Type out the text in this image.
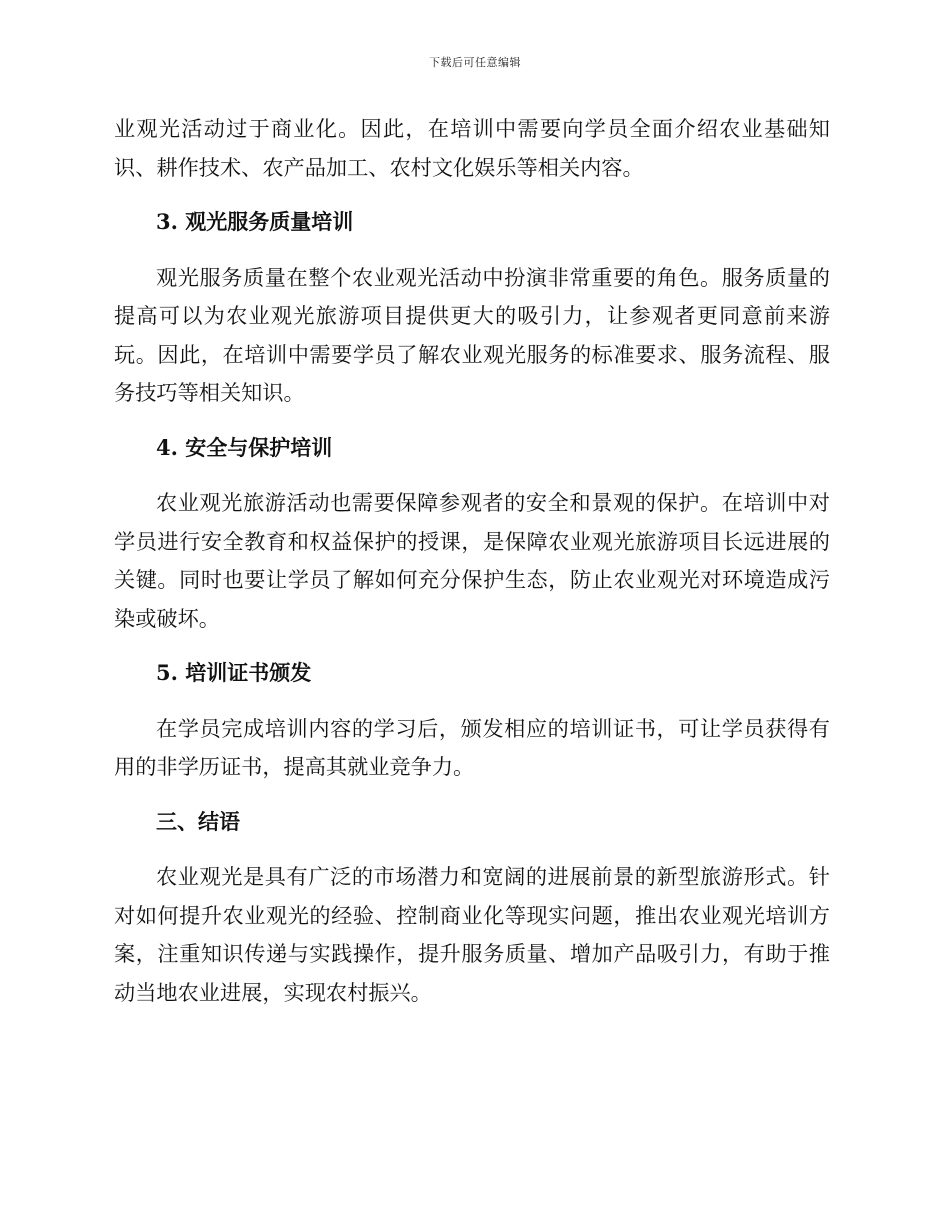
下载后可任意编辑

业观光活动过于商业化。因此，在培训中需要向学员全面介绍农业基础知识、耕作技术、农产品加工、农村文化娱乐等相关内容。

3. 观光服务质量培训

观光服务质量在整个农业观光活动中扮演非常重要的角色。服务质量的提高可以为农业观光旅游项目提供更大的吸引力，让参观者更同意前来游玩。因此，在培训中需要学员了解农业观光服务的标准要求、服务流程、服务技巧等相关知识。

4. 安全与保护培训

农业观光旅游活动也需要保障参观者的安全和景观的保护。在培训中对学员进行安全教育和权益保护的授课，是保障农业观光旅游项目长远进展的关键。同时也要让学员了解如何充分保护生态，防止农业观光对环境造成污染或破坏。

5. 培训证书颁发

在学员完成培训内容的学习后，颁发相应的培训证书，可让学员获得有用的非学历证书，提高其就业竞争力。

三、结语

农业观光是具有广泛的市场潜力和宽阔的进展前景的新型旅游形式。针对如何提升农业观光的经验、控制商业化等现实问题，推出农业观光培训方案，注重知识传递与实践操作，提升服务质量、增加产品吸引力，有助于推动当地农业进展，实现农村振兴。
